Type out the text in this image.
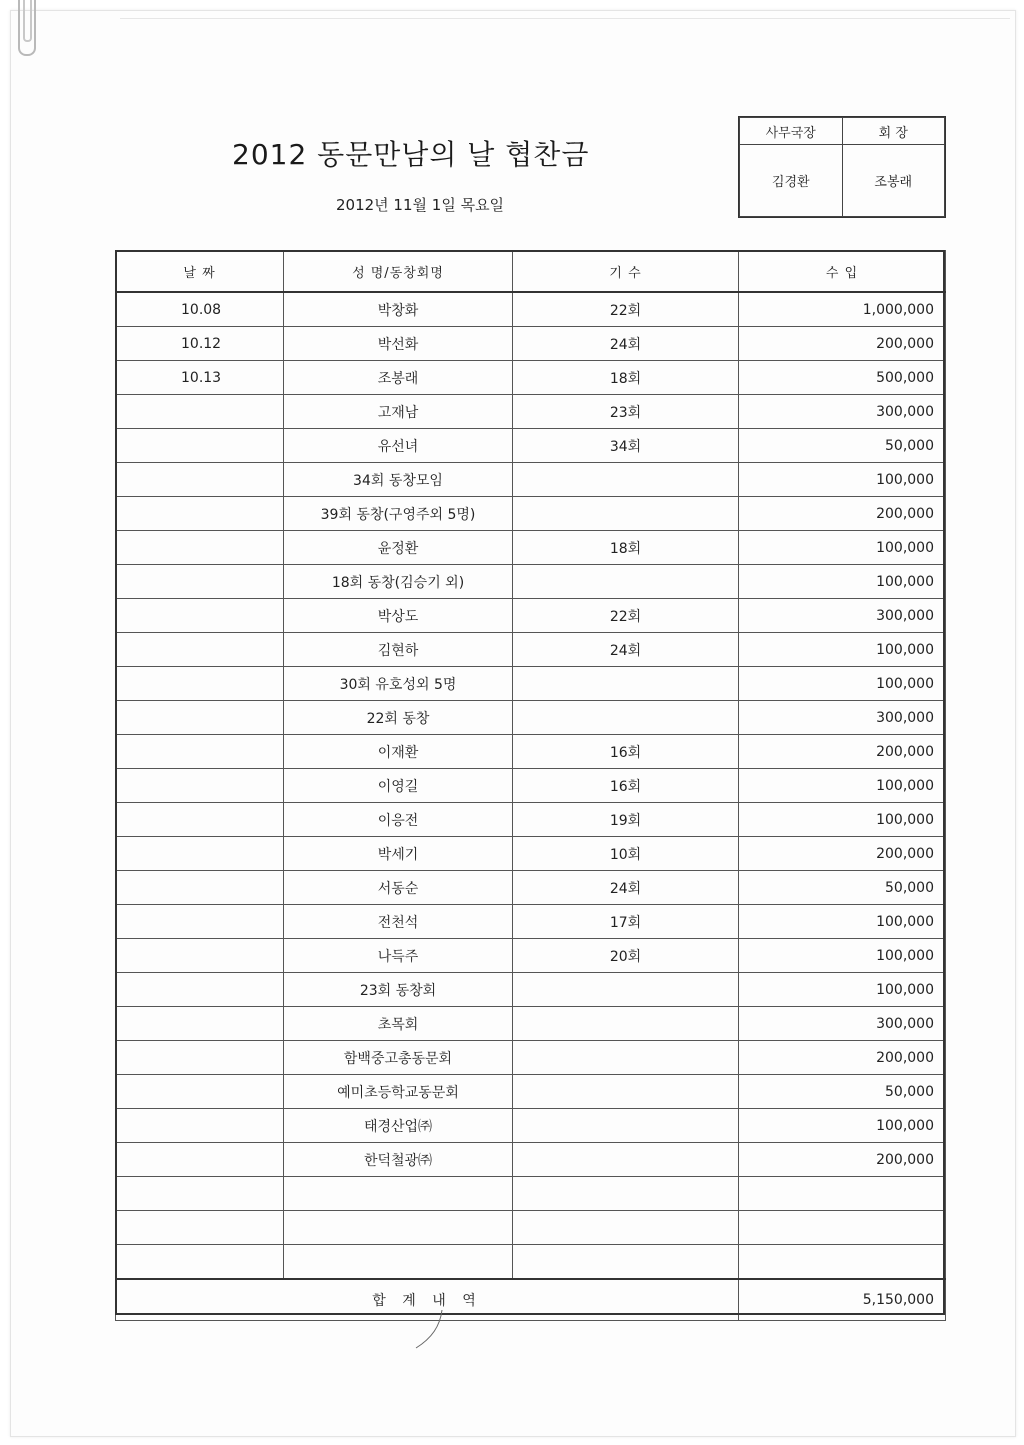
2012 동문만남의 날 협찬금
2012년 11월 1일 목요일
사무국장	회 장
김경환	조봉래
날 짜	성 명/동창회명	기 수	수 입
10.08	박창화	22회	1,000,000
10.12	박선화	24회	200,000
10.13	조봉래	18회	500,000
	고재남	23회	300,000
	유선녀	34회	50,000
	34회 동창모임		100,000
	39회 동창(구영주외 5명)		200,000
	윤정환	18회	100,000
	18회 동창(김승기 외)		100,000
	박상도	22회	300,000
	김현하	24회	100,000
	30회 유호성외 5명		100,000
	22회 동창		300,000
	이재환	16회	200,000
	이영길	16회	100,000
	이응전	19회	100,000
	박세기	10회	200,000
	서동순	24회	50,000
	전천석	17회	100,000
	나득주	20회	100,000
	23회 동창회		100,000
	초목회		300,000
	함백중고총동문회		200,000
	예미초등학교동문회		50,000
	태경산업㈜		100,000
	한덕철광㈜		200,000

합 계 내 역			5,150,000
